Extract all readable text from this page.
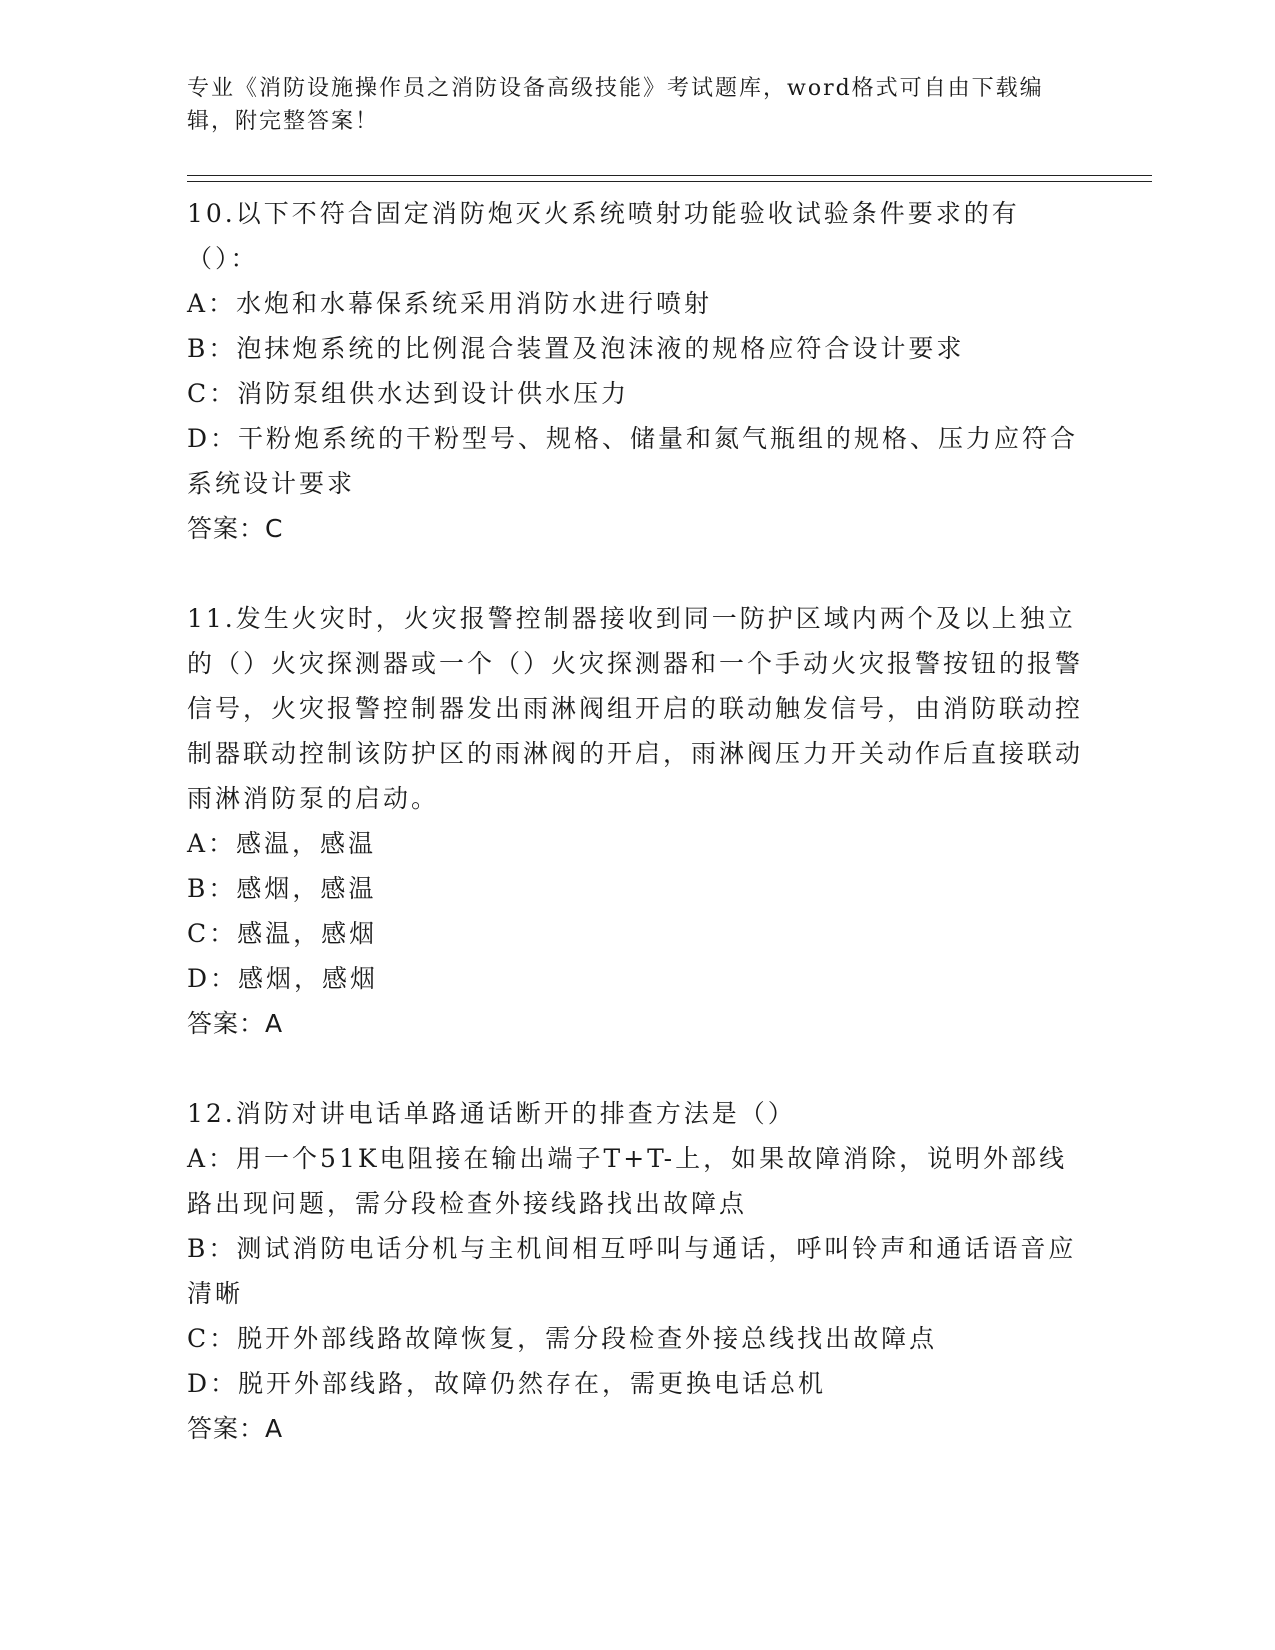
专业《消防设施操作员之消防设备高级技能》考试题库，word格式可自由下载编辑，附完整答案！

10.以下不符合固定消防炮灭火系统喷射功能验收试验条件要求的有（）：

A：水炮和水幕保系统采用消防水进行喷射

B：泡抹炮系统的比例混合装置及泡沫液的规格应符合设计要求

C：消防泵组供水达到设计供水压力

D：干粉炮系统的干粉型号、规格、储量和氮气瓶组的规格、压力应符合系统设计要求

答案：C

11.发生火灾时，火灾报警控制器接收到同一防护区域内两个及以上独立的（）火灾探测器或一个（）火灾探测器和一个手动火灾报警按钮的报警信号，火灾报警控制器发出雨淋阀组开启的联动触发信号，由消防联动控制器联动控制该防护区的雨淋阀的开启，雨淋阀压力开关动作后直接联动雨淋消防泵的启动。

A：感温，感温

B：感烟，感温

C：感温，感烟

D：感烟，感烟

答案：A

12.消防对讲电话单路通话断开的排查方法是（）

A：用一个51K电阻接在输出端子T+T-上，如果故障消除，说明外部线路出现问题，需分段检查外接线路找出故障点

B：测试消防电话分机与主机间相互呼叫与通话，呼叫铃声和通话语音应清晰

C：脱开外部线路故障恢复，需分段检查外接总线找出故障点

D：脱开外部线路，故障仍然存在，需更换电话总机

答案：A
